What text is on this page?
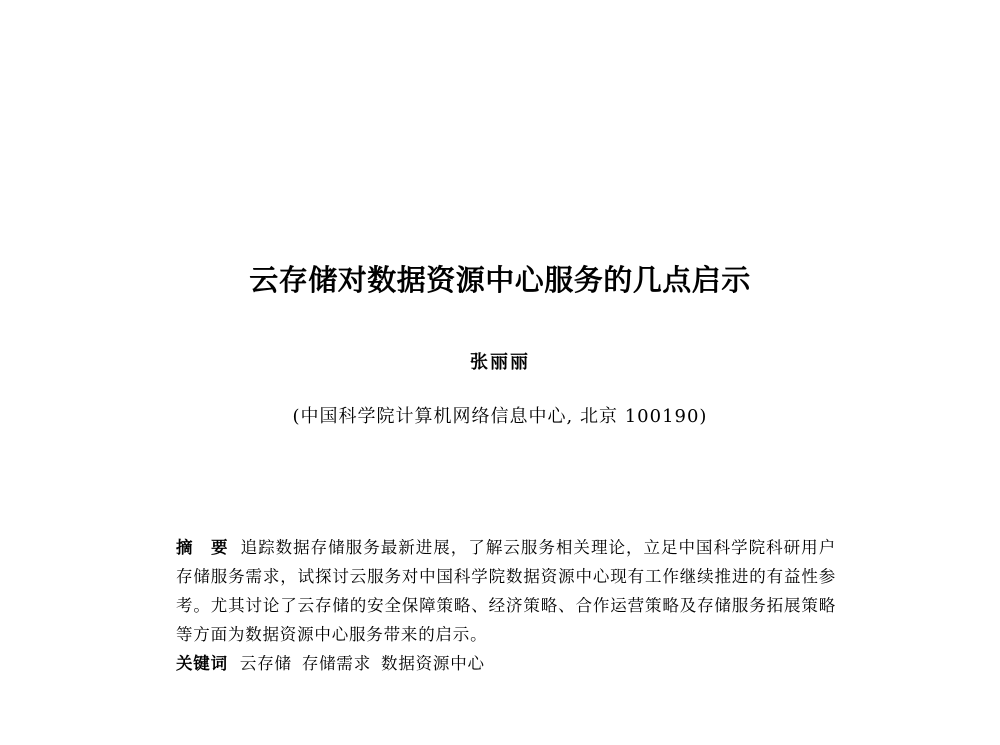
云存储对数据资源中心服务的几点启示
张丽丽
(中国科学院计算机网络信息中心, 北京 100190)
摘　要 追踪数据存储服务最新进展，了解云服务相关理论，立足中国科学院科研用户存储服务需求，试探讨云服务对中国科学院数据资源中心现有工作继续推进的有益性参考。尤其讨论了云存储的安全保障策略、经济策略、合作运营策略及存储服务拓展策略等方面为数据资源中心服务带来的启示。
关键词 云存储 存储需求 数据资源中心
